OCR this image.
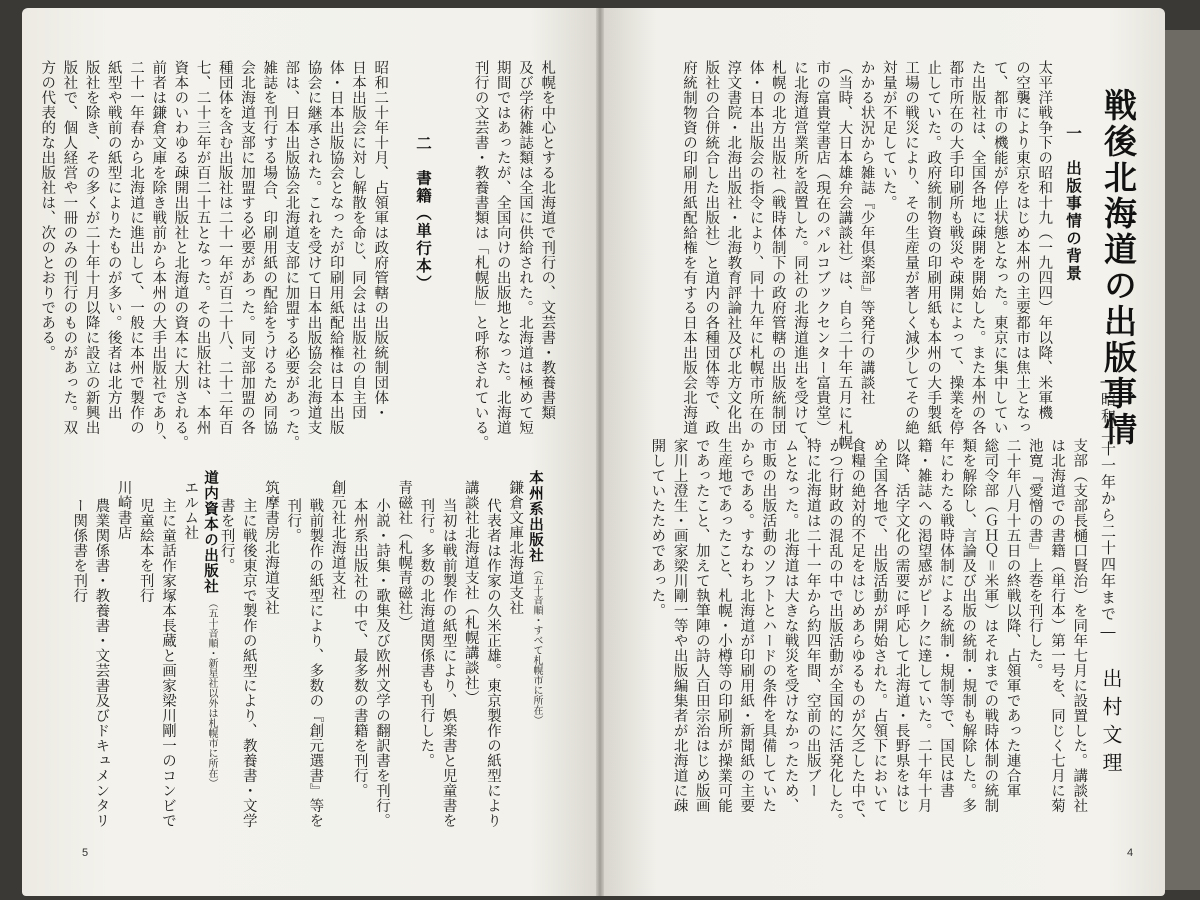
戦後北海道の出版事情
―昭和二十一年から二十四年まで―
出村文理
一　出版事情の背景
太平洋戦争下の昭和十九（一九四四）年以降、米軍機
の空襲により東京をはじめ本州の主要都市は焦土となっ
て、都市の機能が停止状態となった。東京に集中してい
た出版社は、全国各地に疎開を開始した。また本州の各
都市所在の大手印刷所も戦災や疎開によって、操業を停
止していた。政府統制物資の印刷用紙も本州の大手製紙
工場の戦災により、その生産量が著しく減少してその絶
対量が不足していた。
かかる状況から雑誌『少年倶楽部』等発行の講談社
（当時、大日本雄弁会講談社）は、自ら二十年五月に札幌
市の富貴堂書店（現在のパルコブックセンター富貴堂）
に北海道営業所を設置した。同社の北海道進出を受けて、
札幌の北方出版社（戦時体制下の政府管轄の出版統制団
体・日本出版会の指令により、同十九年に札幌市所在の
淳文書院・北海出版社・北海教育評論社及び北方文化出
版社の合併統合した出版社）と道内の各種団体等で、政
府統制物資の印刷用紙配給権を有する日本出版会北海道
支部（支部長樋口賢治）を同年七月に設置した。講談社
は北海道での書籍（単行本）第一号を、同じく七月に菊
池寛『愛憎の書』上巻を刊行した。
二十年八月十五日の終戦以降、占領軍であった連合軍
総司令部（ＧＨＱ＝米軍）はそれまでの戦時体制の統制
類を解除し、言論及び出版の統制・規制も解除した。多
年にわたる戦時体制による統制・規制等で、国民は書
籍・雑誌への渇望感がピークに達していた。二十年十月
以降、活字文化の需要に呼応して北海道・長野県をはじ
め全国各地で、出版活動が開始された。占領下において
食糧の絶対的不足をはじめあらゆるものが欠乏した中で、
かつ行財政の混乱の中で出版活動が全国的に活発化した。
特に北海道は二十一年から約四年間、空前の出版ブー
ムとなった。北海道は大きな戦災を受けなかったため、
市販の出版活動のソフトとハードの条件を具備していた
からである。すなわち北海道が印刷用紙・新聞紙の主要
生産地であったこと、札幌・小樽等の印刷所が操業可能
であったこと、加えて執筆陣の詩人百田宗治はじめ版画
家川上澄生・画家梁川剛一等や出版編集者が北海道に疎
開していたためであった。
4
札幌を中心とする北海道で刊行の、文芸書・教養書類
及び学術雑誌類は全国に供給された。北海道は極めて短
期間ではあったが、全国向けの出版地となった。北海道
刊行の文芸書・教養書類は「札幌版」と呼称されている。
二　書籍（単行本）
昭和二十年十月、占領軍は政府管轄の出版統制団体・
日本出版会に対し解散を命じ、同会は出版社の自主団
体・日本出版協会となったが印刷用紙配給権は日本出版
協会に継承された。これを受けて日本出版協会北海道支
部は、日本出版協会北海道支部に加盟する必要があった。
雑誌を刊行する場合、印刷用紙の配給をうけるため同協
会北海道支部に加盟する必要があった。同支部加盟の各
種団体を含む出版社は二十一年が百二十八、二十二年百
七、二十三年が百二十五となった。その出版社は、本州
資本のいわゆる疎開出版社と北海道の資本に大別される。
前者は鎌倉文庫を除き戦前から本州の大手出版社であり、
二十一年春から北海道に進出して、一般に本州で製作の
紙型や戦前の紙型によりたものが多い。後者は北方出
版社を除き、その多くが二十年十月以降に設立の新興出
版社で、個人経営や一冊のみの刊行のものがあった。双
方の代表的な出版社は、次のとおりである。
本州系出版社
（五十音順・すべて札幌市に所在）
鎌倉文庫北海道支社
代表者は作家の久米正雄。東京製作の紙型により
講談社北海道支社（札幌講談社）
当初は戦前製作の紙型により、娯楽書と児童書を
刊行。多数の北海道関係書も刊行した。
青磁社（札幌青磁社）
小説・詩集・歌集及び欧州文学の翻訳書を刊行。
本州系出版社の中で、最多数の書籍を刊行。
創元社北海道支社
戦前製作の紙型により、多数の『創元選書』等を
刊行。
筑摩書房北海道支社
主に戦後東京で製作の紙型により、教養書・文学
書を刊行。
道内資本の出版社
（五十音順・新星社以外は札幌市に所在）
エルム社
主に童話作家塚本長蔵と画家梁川剛一のコンビで
児童絵本を刊行
川崎書店
農業関係書・教養書・文芸書及びドキュメンタリ
ー関係書を刊行
5
